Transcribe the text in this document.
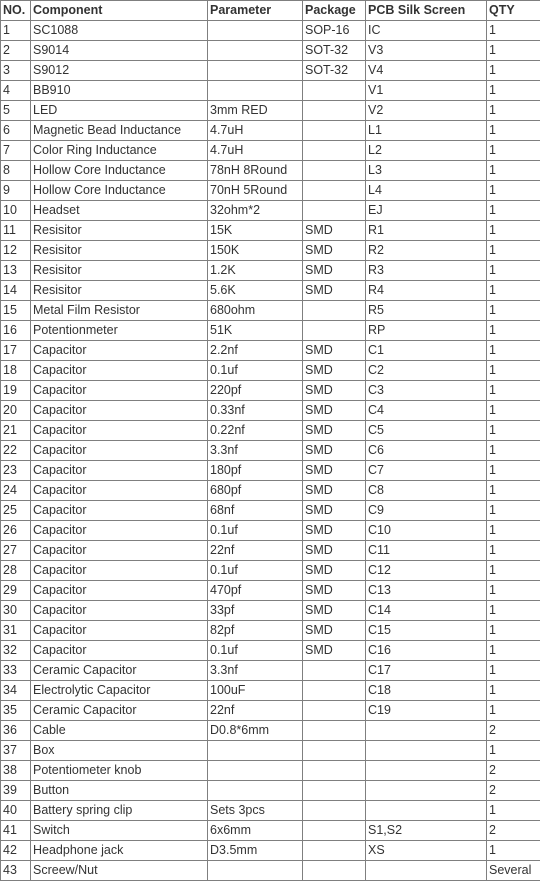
NO.	Component	Parameter	Package	PCB Silk Screen	QTY
1	SC1088		SOP-16	IC	1
2	S9014		SOT-32	V3	1
3	S9012		SOT-32	V4	1
4	BB910			V1	1
5	LED	3mm RED		V2	1
6	Magnetic Bead Inductance	4.7uH		L1	1
7	Color Ring Inductance	4.7uH		L2	1
8	Hollow Core Inductance	78nH 8Round		L3	1
9	Hollow Core Inductance	70nH 5Round		L4	1
10	Headset	32ohm*2		EJ	1
11	Resisitor	15K	SMD	R1	1
12	Resisitor	150K	SMD	R2	1
13	Resisitor	1.2K	SMD	R3	1
14	Resisitor	5.6K	SMD	R4	1
15	Metal Film Resistor	680ohm		R5	1
16	Potentionmeter	51K		RP	1
17	Capacitor	2.2nf	SMD	C1	1
18	Capacitor	0.1uf	SMD	C2	1
19	Capacitor	220pf	SMD	C3	1
20	Capacitor	0.33nf	SMD	C4	1
21	Capacitor	0.22nf	SMD	C5	1
22	Capacitor	3.3nf	SMD	C6	1
23	Capacitor	180pf	SMD	C7	1
24	Capacitor	680pf	SMD	C8	1
25	Capacitor	68nf	SMD	C9	1
26	Capacitor	0.1uf	SMD	C10	1
27	Capacitor	22nf	SMD	C11	1
28	Capacitor	0.1uf	SMD	C12	1
29	Capacitor	470pf	SMD	C13	1
30	Capacitor	33pf	SMD	C14	1
31	Capacitor	82pf	SMD	C15	1
32	Capacitor	0.1uf	SMD	C16	1
33	Ceramic Capacitor	3.3nf		C17	1
34	Electrolytic Capacitor	100uF		C18	1
35	Ceramic Capacitor	22nf		C19	1
36	Cable	D0.8*6mm			2
37	Box				1
38	Potentiometer knob				2
39	Button				2
40	Battery spring clip	Sets 3pcs			1
41	Switch	6x6mm		S1,S2	2
42	Headphone jack	D3.5mm		XS	1
43	Screew/Nut				Several
